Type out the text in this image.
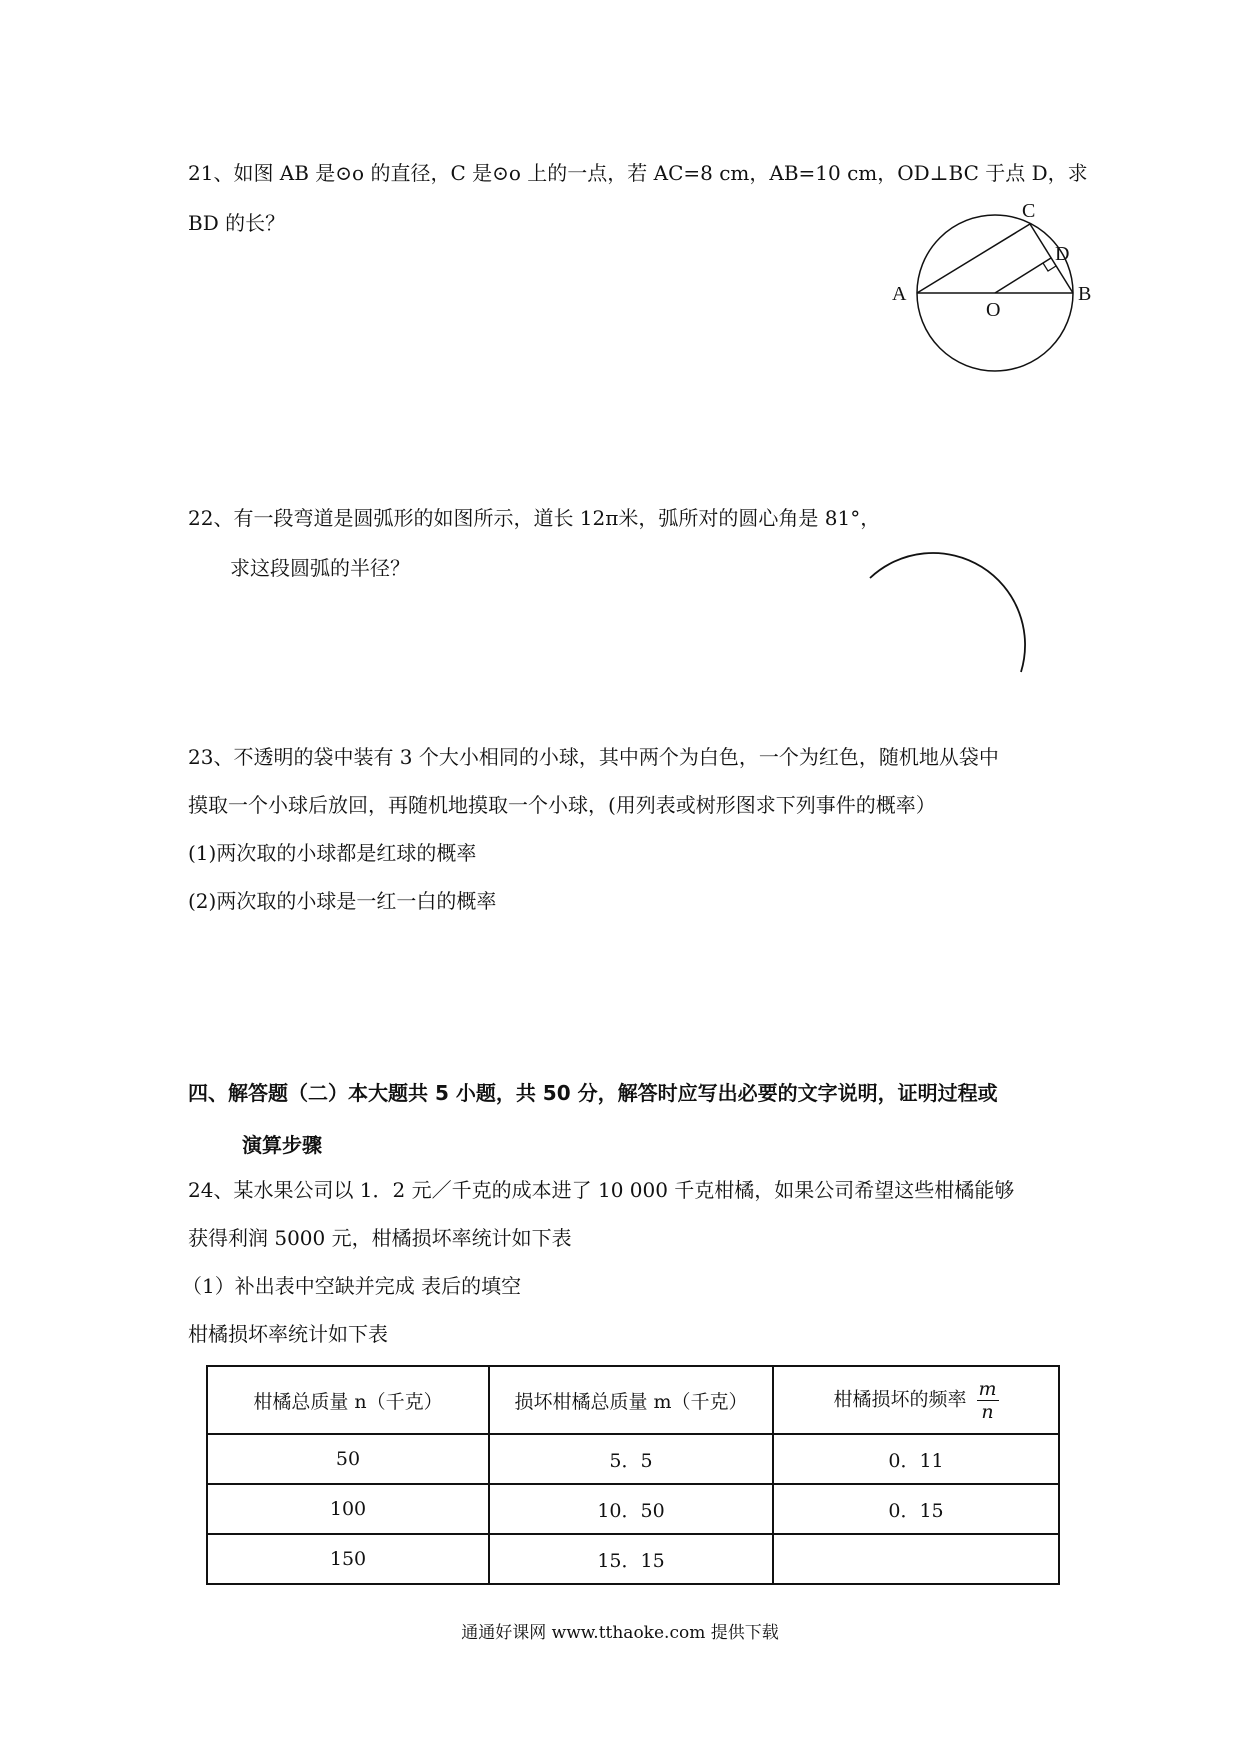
21、如图 AB 是⊙o 的直径，C 是⊙o 上的一点，若 AC=8 cm，AB=10 cm，OD⊥BC 于点 D，求
BD 的长？
A	B
C
D
O
22、有一段弯道是圆弧形的如图所示，道长 12π米，弧所对的圆心角是 81°，
求这段圆弧的半径？
23、不透明的袋中装有 3 个大小相同的小球，其中两个为白色，一个为红色，随机地从袋中
摸取一个小球后放回，再随机地摸取一个小球，(用列表或树形图求下列事件的概率）
(1)两次取的小球都是红球的概率
(2)两次取的小球是一红一白的概率
四、解答题（二）本大题共 5 小题，共 50 分，解答时应写出必要的文字说明，证明过程或
演算步骤
24、某水果公司以 1．2 元／千克的成本进了 10 000 千克柑橘，如果公司希望这些柑橘能够
获得利润 5000 元，柑橘损坏率统计如下表
（1）补出表中空缺并完成 表后的填空
柑橘损坏率统计如下表
柑橘总质量 n（千克）	损坏柑橘总质量 m（千克）	柑橘损坏的频率 $\frac{m}{n}$

50	5．5	0．11
100	10．50	0．15
150	15．15	
通通好课网 www.tthaoke.com 提供下载
